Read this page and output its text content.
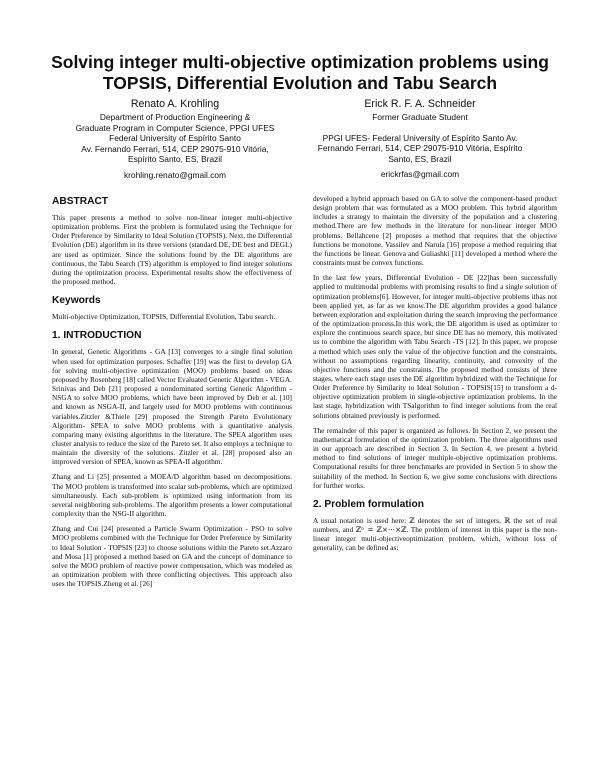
Solving integer multi-objective optimization problems using TOPSIS, Differential Evolution and Tabu Search
Renato A. Krohling
Department of Production Engineering &
Graduate Program in Computer Science, PPGI UFES
Federal University of Espírito Santo
Av. Fernando Ferrari, 514, CEP 29075-910 Vitória,
Espírito Santo, ES, Brazil
krohling.renato@gmail.com
Erick R. F. A. Schneider
Former Graduate Student
PPGI UFES- Federal University of Espírito Santo Av.
Fernando Ferrari, 514, CEP 29075-910 Vitória, Espírito
Santo, ES, Brazil
erickrfas@gmail.com
ABSTRACT

This paper presents a method to solve non-linear integer multi-objective optimization problems. First the problem is formulated using the Technique for Order Preference by Similarity to Ideal Solution (TOPSIS). Next, the Differential Evolution (DE) algorithm in its three versions (standard DE, DE best and DEGL) are used as optimizer. Since the solutions found by the DE algorithms are continuous, the Tabu Search (TS) algorithm is employed to find integer solutions during the optimization process. Experimental results show the effectiveness of the proposed method.

Keywords

Multi-objective Optimization, TOPSIS, Differential Evolution, Tabu search.

1. INTRODUCTION

In general, Genetic Algorithms - GA [13] converges to a single final solution when used for optimization purposes. Schaffer [19] was the first to develop GA for solving multi-objective optimization (MOO) problems based on ideas proposed by Rosenberg [18] called Vector Evaluated Genetic Algorithm - VEGA. Srinivas and Deb [21] proposed a nondominated sorting Genetic Algorithm - NSGA to solve MOO problems, which have been improved by Deb et al. [10] and known as NSGA-II, and largely used for MOO problems with continuous variables.Zitzler &Thiele [29] proposed the Strength Pareto Evolutionary Algorithm- SPEA to solve MOO problems with a quantitative analysis comparing many existing algorithms in the literature. The SPEA algorithm uses cluster analysis to reduce the size of the Pareto set. It also employs a technique to maintain the diversity of the solutions. Zitzler et al. [28] proposed also an improved version of SPEA, known as SPEA-II algorithm.

Zhang and Li [25] presented a MOEA/D algorithm based on decompositions. The MOO problem is transformed into scalar sub-problems, which are optimized simultaneously. Each sub-problem is optimized using information from its several neighboring sub-problems. The algorithm presents a lower computational complexity than the NSG-II algorithm.

Zhang and Cui [24] presented a Particle Swarm Optimization - PSO to solve MOO problems combined with the Technique for Order Preference by Similarity to Ideal Solution - TOPSIS [23] to choose solutions within the Pareto set.Azzaro and Mosa [1] proposed a method based on GA and the concept of dominance to solve the MOO problem of reactive power compensation, which was modeled as an optimization problem with three conflicting objectives. This approach also uses the TOPSIS.Zheng et al. [26]

developed a hybrid approach based on GA to solve the component-based product design problem that was formulated as a MOO problem. This hybrid algorithm includes a strategy to maintain the diversity of the population and a clustering method.There are few methods in the literature for non-linear integer MOO problems. Bellahcene [2] proposes a method that requires that the objective functions be monotone. Vassilev and Narula [16] propose a method requiring that the functions be linear. Genova and Guliashki [11] developed a method where the constraints must be convex functions.

In the last few years, Differential Evolution - DE [22]has been successfully applied to multimodal problems with promising results to find a single solution of optimization problems[6]. However, for integer multi-objective problems ithas not been applied yet, as far as we know.The DE algorithm provides a good balance between exploration and exploitation during the search improving the performance of the optimization process.In this work, the DE algorithm is used as optimizer to explore the continuous search space, but since DE has no memory, this motivated us to combine the algorithm with Tabu Search -TS [12]. In this paper, we propose a method which uses only the value of the objective function and the constraints, without no assumptions regarding linearity, continuity, and convexity of the objective functions and the constraints. The proposed method consists of three stages, where each stage uses the DE algorithm hybridized with the Technique for Order Preference by Similarity to Ideal Solution - TOPSIS[15] to transform a d-objective optimization problem in single-objective optimization problems. In the last stage, hybridization with TSalgorithm to find integer solutions from the real solutions obtained previously is performed.

The remainder of this paper is organized as follows. In Section 2, we present the mathematical formulation of the optimization problem. The three algorithms used in our approach are described in Section 3. In Section 4, we present a hybrid method to find solutions of integer multiple-objective optimization problems. Computational results for three benchmarks are provided in Section 5 to show the suitability of the method. In Section 6, we give some conclusions with directions for further works.

2. Problem formulation

A usual notation is used here: ℤ denotes the set of integers, ℝ the set of real numbers, and ℤⁿ = ℤ×···×ℤ. The problem of interest in this paper is the non-linear integer multi-objectiveoptimization problem, which, without loss of generality, can be defined as:
